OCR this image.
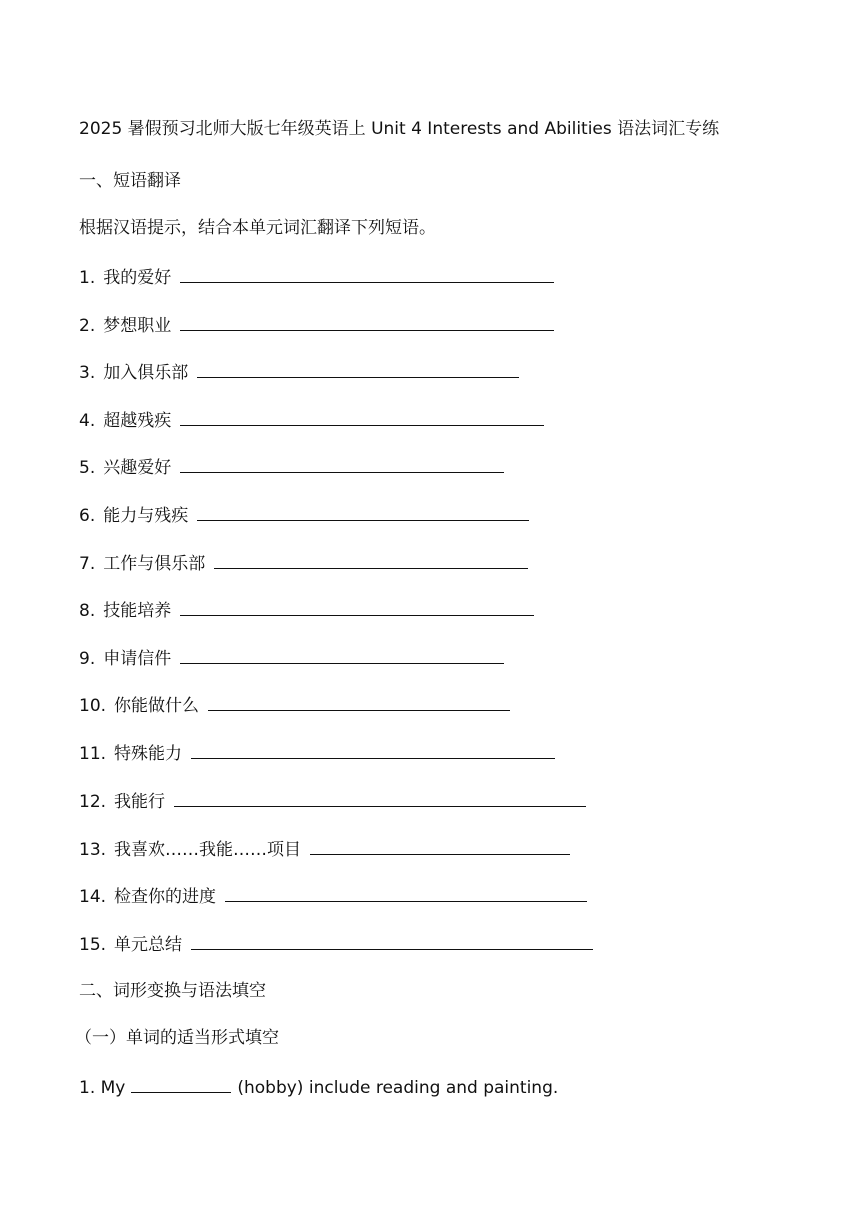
2025 暑假预习北师大版七年级英语上 Unit 4 Interests and Abilities 语法词汇专练
一、短语翻译
根据汉语提示，结合本单元词汇翻译下列短语。
1. 我的爱好
2. 梦想职业
3. 加入俱乐部
4. 超越残疾
5. 兴趣爱好
6. 能力与残疾
7. 工作与俱乐部
8. 技能培养
9. 申请信件
10. 你能做什么
11. 特殊能力
12. 我能行
13. 我喜欢……我能……项目
14. 检查你的进度
15. 单元总结
二、词形变换与语法填空
（一）单词的适当形式填空
1. My	(hobby) include reading and painting.
